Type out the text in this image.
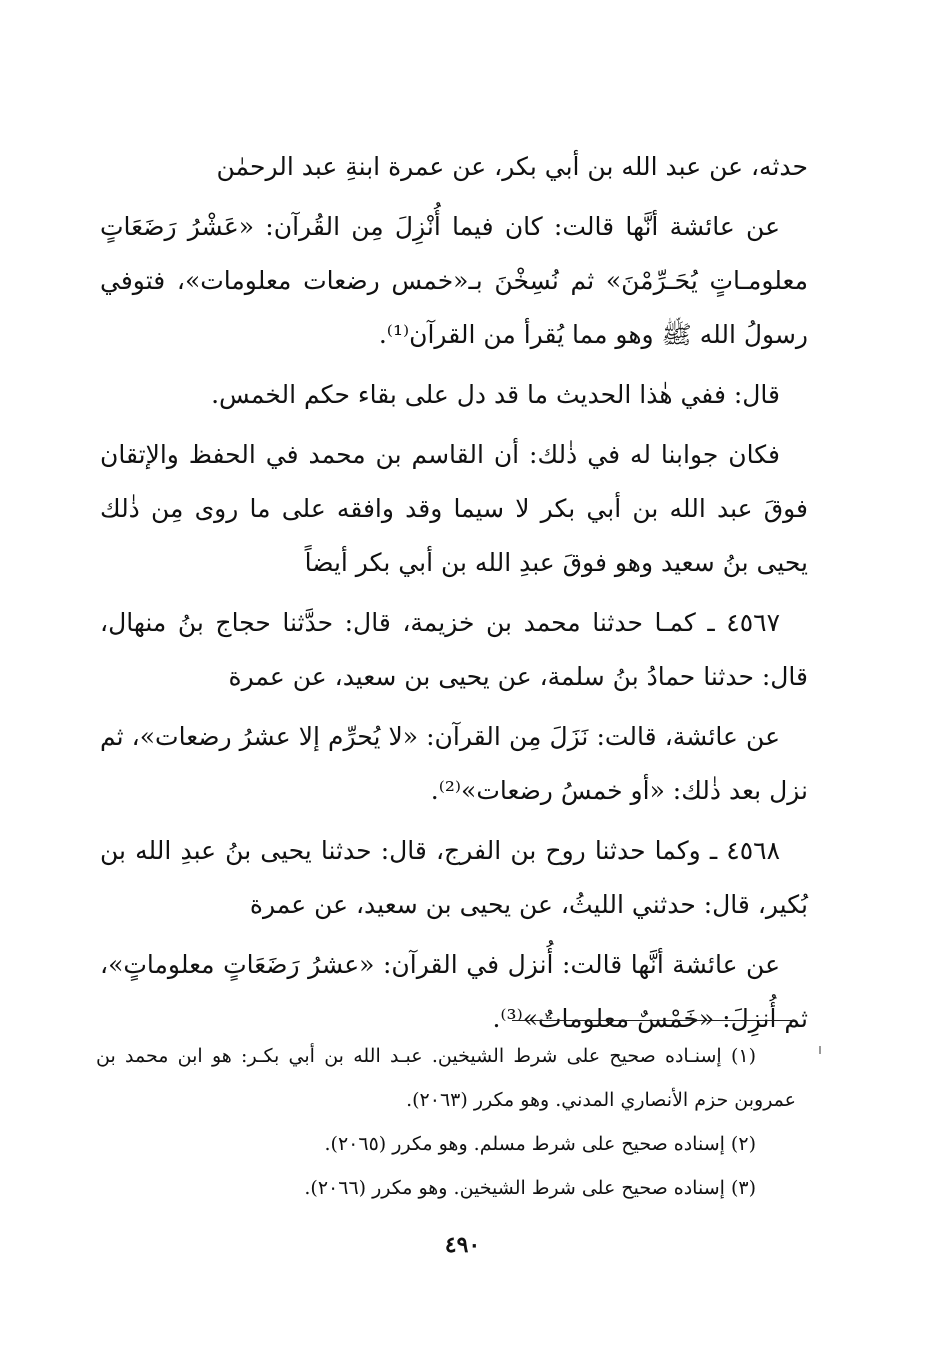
حدثه، عن عبد الله بن أبي بكر، عن عمرة ابنةِ عبد الرحمٰن

عن عائشة أنَّها قالت: كان فيما أُنْزِلَ مِن القُرآن: «عَشْرُ رَضَعَاتٍ معلومـاتٍ يُحَـرِّمْنَ» ثم نُسِخْنَ بـ«خمس رضعات معلومات»، فتوفي رسولُ الله ﷺ وهو مما يُقرأ من القرآن⁽¹⁾.

قال: ففي هٰذا الحديث ما قد دل على بقاء حكم الخمس.

فكان جوابنا له في ذٰلك: أن القاسم بن محمد في الحفظ والإتقان فوقَ عبد الله بن أبي بكر لا سيما وقد وافقه على ما روى مِن ذٰلك يحيى بنُ سعيد وهو فوقَ عبدِ الله بن أبي بكر أيضاً

٤٥٦٧ ـ كمـا حدثنا محمد بن خزيمة، قال: حدَّثنا حجاج بنُ منهال، قال: حدثنا حمادُ بنُ سلمة، عن يحيى بن سعيد، عن عمرة

عن عائشة، قالت: نَزَلَ مِن القرآن: «لا يُحرِّم إلا عشرُ رضعات»، ثم نزل بعد ذٰلك: «أو خمسُ رضعات»⁽²⁾.

٤٥٦٨ ـ وكما حدثنا روح بن الفرج، قال: حدثنا يحيى بنُ عبدِ الله بن بُكير، قال: حدثني الليثُ، عن يحيى بن سعيد، عن عمرة

عن عائشة أنَّها قالت: أُنزل في القرآن: «عشرُ رَضَعَاتٍ معلوماتٍ»، ثم أُنزِلَ: «خَمْسٌ معلوماتٌ»⁽³⁾.

(١) إسنـاده صحيح على شرط الشيخين. عبـد الله بن أبي بكـر: هو ابن محمد بن عمروبن حزم الأنصاري المدني. وهو مكرر (٢٠٦٣).

(٢) إسناده صحيح على شرط مسلم. وهو مكرر (٢٠٦٥).

(٣) إسناده صحيح على شرط الشيخين. وهو مكرر (٢٠٦٦).

٤٩٠
